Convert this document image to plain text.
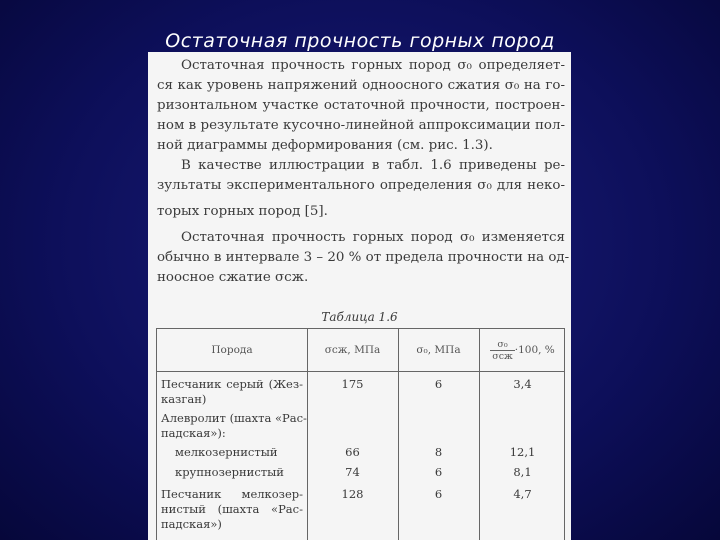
Остаточная прочность горных пород

Остаточная прочность горных пород σ₀ определяет-
ся как уровень напряжений одноосного сжатия σ₀ на го-
ризонтальном участке остаточной прочности, построен-
ном в результате кусочно-линейной аппроксимации пол-
ной диаграммы деформирования (см. рис. 1.3).

В качестве иллюстрации в табл. 1.6 приведены ре-
зультаты экспериментального определения σ₀ для неко-
торых горных пород [5].

Остаточная прочность горных пород σ₀ изменяется
обычно в интервале 3 – 20 % от предела прочности на од-
ноосное сжатие σсж.

Таблица 1.6
Порода	σсж, МПа	σ₀, МПа	$\frac{\text{σ₀}}{\text{σсж}} \cdot 100$, %
Песчаник серый (Жез-
казган)
175	6	3,4
Алевролит (шахта «Рас-
падская»):
мелкозернистый	66	8	12,1
крупнозернистый	74	6	8,1
Песчаник мелкозер-
нистый (шахта «Рас-
падская»)
128	6	4,7
